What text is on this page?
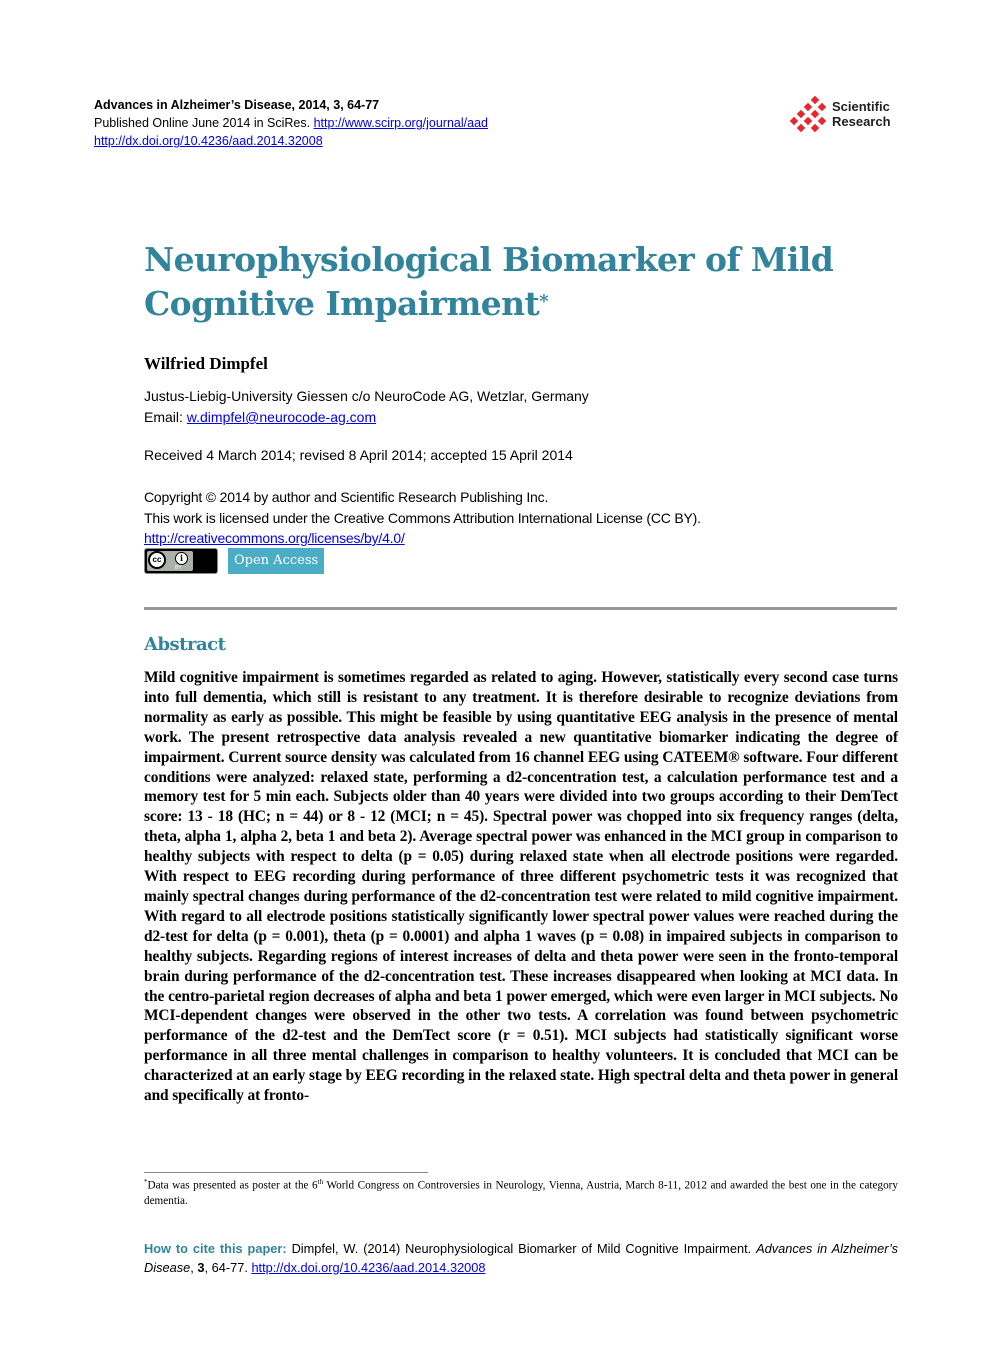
Advances in Alzheimer’s Disease, 2014, 3, 64-77
Published Online June 2014 in SciRes. http://www.scirp.org/journal/aad
http://dx.doi.org/10.4236/aad.2014.32008
Scientific
Research
Neurophysiological Biomarker of Mild Cognitive Impairment*
Wilfried Dimpfel
Justus-Liebig-University Giessen c/o NeuroCode AG, Wetzlar, Germany
Email: w.dimpfel@neurocode-ag.com
Received 4 March 2014; revised 8 April 2014; accepted 15 April 2014
Copyright © 2014 by author and Scientific Research Publishing Inc.
This work is licensed under the Creative Commons Attribution International License (CC BY).
http://creativecommons.org/licenses/by/4.0/
cc	i
BY	Open Access
Abstract
Mild cognitive impairment is sometimes regarded as related to aging. However, statistically every second case turns into full dementia, which still is resistant to any treatment. It is therefore desirable to recognize deviations from normality as early as possible. This might be feasible by using quantitative EEG analysis in the presence of mental work. The present retrospective data analysis revealed a new quantitative biomarker indicating the degree of impairment. Current source density was calculated from 16 channel EEG using CATEEM® software. Four different conditions were analyzed: relaxed state, performing a d2-concentration test, a calculation performance test and a memory test for 5 min each. Subjects older than 40 years were divided into two groups according to their DemTect score: 13 - 18 (HC; n = 44) or 8 - 12 (MCI; n = 45). Spectral power was chopped into six frequency ranges (delta, theta, alpha 1, alpha 2, beta 1 and beta 2). Average spectral power was enhanced in the MCI group in comparison to healthy subjects with respect to delta (p = 0.05) during relaxed state when all electrode positions were regarded. With respect to EEG recording during performance of three different psychometric tests it was recognized that mainly spectral changes during performance of the d2-concentration test were related to mild cognitive impairment. With regard to all electrode positions statistically significantly lower spectral power values were reached during the d2-test for delta (p = 0.001), theta (p = 0.0001) and alpha 1 waves (p = 0.08) in impaired subjects in comparison to healthy subjects. Regarding regions of interest increases of delta and theta power were seen in the fronto-temporal brain during performance of the d2-concentration test. These increases disappeared when looking at MCI data. In the centro-parietal region decreases of alpha and beta 1 power emerged, which were even larger in MCI subjects. No MCI-dependent changes were observed in the other two tests. A correlation was found between psychometric performance of the d2-test and the DemTect score (r = 0.51). MCI subjects had statistically significant worse performance in all three mental challenges in comparison to healthy volunteers. It is concluded that MCI can be characterized at an early stage by EEG recording in the relaxed state. High spectral delta and theta power in general and specifically at fronto-
*Data was presented as poster at the 6th World Congress on Controversies in Neurology, Vienna, Austria, March 8-11, 2012 and awarded the best one in the category dementia.
How to cite this paper: Dimpfel, W. (2014) Neurophysiological Biomarker of Mild Cognitive Impairment. Advances in Alzheimer’s Disease, 3, 64-77. http://dx.doi.org/10.4236/aad.2014.32008
